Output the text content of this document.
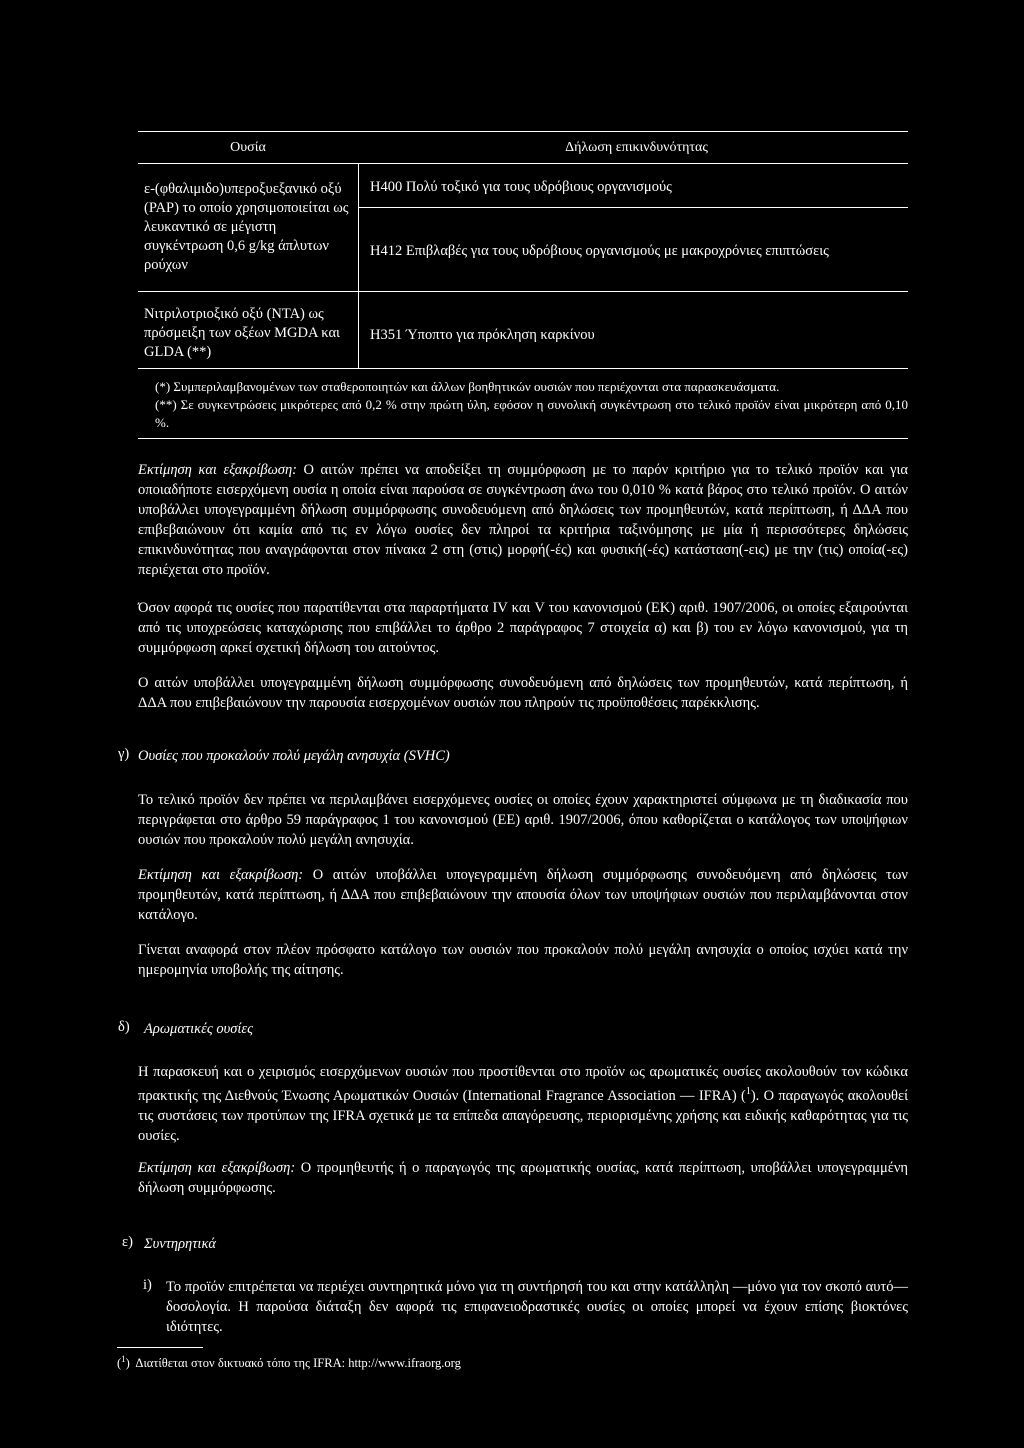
Ουσία	Δήλωση επικινδυνότητας
ε-(φθαλιμιδο)υπεροξυεξανικό οξύ (PAP) το οποίο χρησιμοποιείται ως λευκαντικό σε μέγιστη συγκέντρωση 0,6 g/kg άπλυτων ρούχων
H400 Πολύ τοξικό για τους υδρόβιους οργανισμούς
H412 Επιβλαβές για τους υδρόβιους οργανισμούς με μακροχρόνιες επιπτώσεις
Νιτριλοτριοξικό οξύ (NTA) ως πρόσμειξη των οξέων MGDA και GLDA (**)
H351 Ύποπτο για πρόκληση καρκίνου
(*) Συμπεριλαμβανομένων των σταθεροποιητών και άλλων βοηθητικών ουσιών που περιέχονται στα παρασκευάσματα.
(**) Σε συγκεντρώσεις μικρότερες από 0,2 % στην πρώτη ύλη, εφόσον η συνολική συγκέντρωση στο τελικό προϊόν είναι μικρότερη από 0,10 %.
Εκτίμηση και εξακρίβωση: Ο αιτών πρέπει να αποδείξει τη συμμόρφωση με το παρόν κριτήριο για το τελικό προϊόν και για οποιαδήποτε εισερχόμενη ουσία η οποία είναι παρούσα σε συγκέντρωση άνω του 0,010 % κατά βάρος στο τελικό προϊόν. Ο αιτών υποβάλλει υπογεγραμμένη δήλωση συμμόρφωσης συνοδευόμενη από δηλώσεις των προμηθευτών, κατά περίπτωση, ή ΔΔΑ που επιβεβαιώνουν ότι καμία από τις εν λόγω ουσίες δεν πληροί τα κριτήρια ταξινόμησης με μία ή περισσότερες δηλώσεις επικινδυνότητας που αναγράφονται στον πίνακα 2 στη (στις) μορφή(-ές) και φυσική(-ές) κατάσταση(-εις) με την (τις) οποία(-ες) περιέχεται στο προϊόν.
Όσον αφορά τις ουσίες που παρατίθενται στα παραρτήματα IV και V του κανονισμού (ΕΚ) αριθ. 1907/2006, οι οποίες εξαιρούνται από τις υποχρεώσεις καταχώρισης που επιβάλλει το άρθρο 2 παράγραφος 7 στοιχεία α) και β) του εν λόγω κανονισμού, για τη συμμόρφωση αρκεί σχετική δήλωση του αιτούντος.
Ο αιτών υποβάλλει υπογεγραμμένη δήλωση συμμόρφωσης συνοδευόμενη από δηλώσεις των προμηθευτών, κατά περίπτωση, ή ΔΔΑ που επιβεβαιώνουν την παρουσία εισερχομένων ουσιών που πληρούν τις προϋποθέσεις παρέκκλισης.
γ) Ουσίες που προκαλούν πολύ μεγάλη ανησυχία (SVHC)
Το τελικό προϊόν δεν πρέπει να περιλαμβάνει εισερχόμενες ουσίες οι οποίες έχουν χαρακτηριστεί σύμφωνα με τη διαδικασία που περιγράφεται στο άρθρο 59 παράγραφος 1 του κανονισμού (ΕΕ) αριθ. 1907/2006, όπου καθορίζεται ο κατάλογος των υποψήφιων ουσιών που προκαλούν πολύ μεγάλη ανησυχία.
Εκτίμηση και εξακρίβωση: Ο αιτών υποβάλλει υπογεγραμμένη δήλωση συμμόρφωσης συνοδευόμενη από δηλώσεις των προμηθευτών, κατά περίπτωση, ή ΔΔΑ που επιβεβαιώνουν την απουσία όλων των υποψήφιων ουσιών που περιλαμβάνονται στον κατάλογο.
Γίνεται αναφορά στον πλέον πρόσφατο κατάλογο των ουσιών που προκαλούν πολύ μεγάλη ανησυχία ο οποίος ισχύει κατά την ημερομηνία υποβολής της αίτησης.
δ) Αρωματικές ουσίες
Η παρασκευή και ο χειρισμός εισερχόμενων ουσιών που προστίθενται στο προϊόν ως αρωματικές ουσίες ακολουθούν τον κώδικα πρακτικής της Διεθνούς Ένωσης Αρωματικών Ουσιών (International Fragrance Association — IFRA) ($^1$). Ο παραγωγός ακολουθεί τις συστάσεις των προτύπων της IFRA σχετικά με τα επίπεδα απαγόρευσης, περιορισμένης χρήσης και ειδικής καθαρότητας για τις ουσίες.
Εκτίμηση και εξακρίβωση: Ο προμηθευτής ή ο παραγωγός της αρωματικής ουσίας, κατά περίπτωση, υποβάλλει υπογεγραμμένη δήλωση συμμόρφωσης.
ε) Συντηρητικά
i) Το προϊόν επιτρέπεται να περιέχει συντηρητικά μόνο για τη συντήρησή του και στην κατάλληλη —μόνο για τον σκοπό αυτό— δοσολογία. Η παρούσα διάταξη δεν αφορά τις επιφανειοδραστικές ουσίες οι οποίες μπορεί να έχουν επίσης βιοκτόνες ιδιότητες.
($^1$)  Διατίθεται στον δικτυακό τόπο της IFRA: http://www.ifraorg.org
